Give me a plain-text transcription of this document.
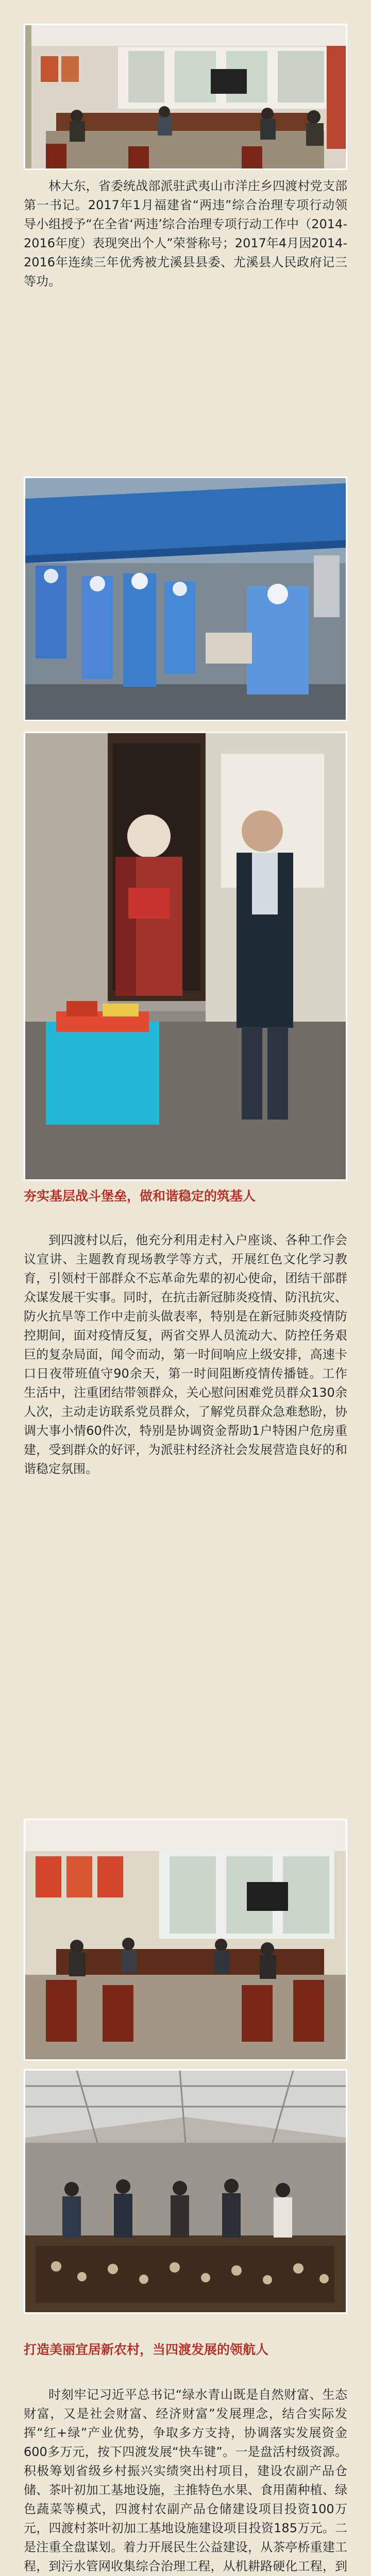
林大东，省委统战部派驻武夷山市洋庄乡四渡村党支部第一书记。2017年1月福建省“两违”综合治理专项行动领导小组授予“在全省‘两违’综合治理专项行动工作中（2014-2016年度）表现突出个人”荣誉称号；2017年4月因2014-2016年连续三年优秀被尤溪县县委、尤溪县人民政府记三等功。

夯实基层战斗堡垒，做和谐稳定的筑基人

到四渡村以后，他充分利用走村入户座谈、各种工作会议宣讲、主题教育现场教学等方式，开展红色文化学习教育，引领村干部群众不忘革命先辈的初心使命，团结干部群众谋发展干实事。同时，在抗击新冠肺炎疫情、防汛抗灾、防火抗旱等工作中走前头做表率，特别是在新冠肺炎疫情防控期间，面对疫情反复，两省交界人员流动大、防控任务艰巨的复杂局面，闻令而动，第一时间响应上级安排，高速卡口日夜带班值守90余天，第一时间阻断疫情传播链。工作生活中，注重团结带领群众，关心慰问困难党员群众130余人次，主动走访联系党员群众，了解党员群众急难愁盼，协调大事小情60件次，特别是协调资金帮助1户特困户危房重建，受到群众的好评，为派驻村经济社会发展营造良好的和谐稳定氛围。

打造美丽宜居新农村，当四渡发展的领航人

时刻牢记习近平总书记“绿水青山既是自然财富、生态财富，又是社会财富、经济财富”发展理念，结合实际发挥“红+绿”产业优势，争取多方支持，协调落实发展资金600多万元，按下四渡发展“快车键”。一是盘活村级资源。积极筹划省级乡村振兴实绩突出村项目，建设农副产品仓储、茶叶初加工基地设施，主推特色水果、食用菌种植、绿色蔬菜等模式，四渡村农副产品仓储建设项目投资100万元，四渡村茶叶初加工基地设施建设项目投资185万元。二是注重全盘谋划。着力开展民生公益建设，从茶亭桥重建工程，到污水管网收集综合治理工程，从机耕路硬化工程，到
